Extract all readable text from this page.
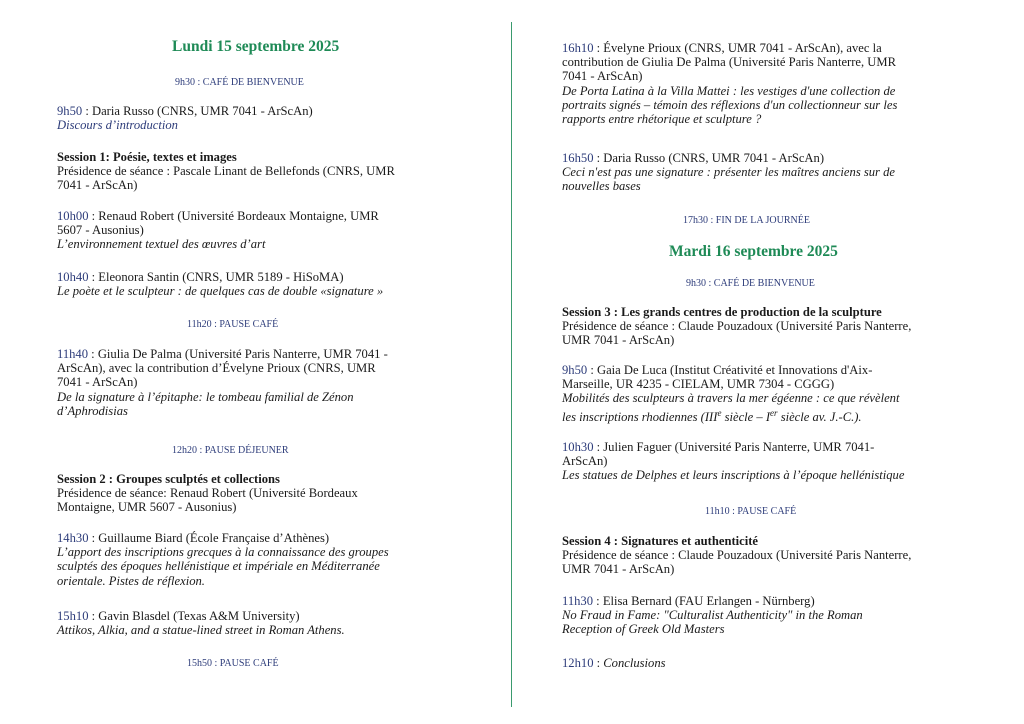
Lundi 15 septembre 2025
9h30 : CAFÉ DE BIENVENUE
9h50 : Daria Russo (CNRS, UMR 7041 - ArScAn)
Discours d’introduction
Session 1: Poésie, textes et images
Présidence de séance : Pascale Linant de Bellefonds (CNRS, UMR
7041 - ArScAn)
10h00 : Renaud Robert (Université Bordeaux Montaigne, UMR
5607 - Ausonius)
L’environnement textuel des œuvres d’art
10h40 : Eleonora Santin (CNRS, UMR 5189 - HiSoMA)
Le poète et le sculpteur : de quelques cas de double «signature »
11h20 : PAUSE CAFÉ
11h40 : Giulia De Palma (Université Paris Nanterre, UMR 7041 -
ArScAn), avec la contribution d’Évelyne Prioux (CNRS, UMR
7041 - ArScAn)
De la signature à l’épitaphe: le tombeau familial de Zénon
d’Aphrodisias
12h20 : PAUSE DÉJEUNER
Session 2 : Groupes sculptés et collections
Présidence de séance: Renaud Robert (Université Bordeaux
Montaigne, UMR 5607 - Ausonius)
14h30 : Guillaume Biard (École Française d’Athènes)
L’apport des inscriptions grecques à la connaissance des groupes
sculptés des époques hellénistique et impériale en Méditerranée
orientale. Pistes de réflexion.
15h10 : Gavin Blasdel (Texas A&M University)
Attikos, Alkia, and a statue-lined street in Roman Athens.
15h50 : PAUSE CAFÉ
16h10 : Évelyne Prioux (CNRS, UMR 7041 - ArScAn), avec la
contribution de Giulia De Palma (Université Paris Nanterre, UMR
7041 - ArScAn)
De Porta Latina à la Villa Mattei : les vestiges d'une collection de
portraits signés – témoin des réflexions d'un collectionneur sur les
rapports entre rhétorique et sculpture ?
16h50 : Daria Russo (CNRS, UMR 7041 - ArScAn)
Ceci n'est pas une signature : présenter les maîtres anciens sur de
nouvelles bases
17h30 : FIN DE LA JOURNÉE
Mardi 16 septembre 2025
9h30 : CAFÉ DE BIENVENUE
Session 3 : Les grands centres de production de la sculpture
Présidence de séance : Claude Pouzadoux (Université Paris Nanterre,
UMR 7041 - ArScAn)
9h50 : Gaia De Luca (Institut Créativité et Innovations d'Aix-
Marseille, UR 4235 - CIELAM, UMR 7304 - CGGG)
Mobilités des sculpteurs à travers la mer égéenne : ce que révèlent
les inscriptions rhodiennes (IIIe siècle – Ier siècle av. J.-C.).
10h30 : Julien Faguer (Université Paris Nanterre, UMR 7041-
ArScAn)
Les statues de Delphes et leurs inscriptions à l’époque hellénistique
11h10 : PAUSE CAFÉ
Session 4 : Signatures et authenticité
Présidence de séance : Claude Pouzadoux (Université Paris Nanterre,
UMR 7041 - ArScAn)
11h30 : Elisa Bernard (FAU Erlangen - Nürnberg)
No Fraud in Fame: "Culturalist Authenticity" in the Roman
Reception of Greek Old Masters
12h10 : Conclusions
